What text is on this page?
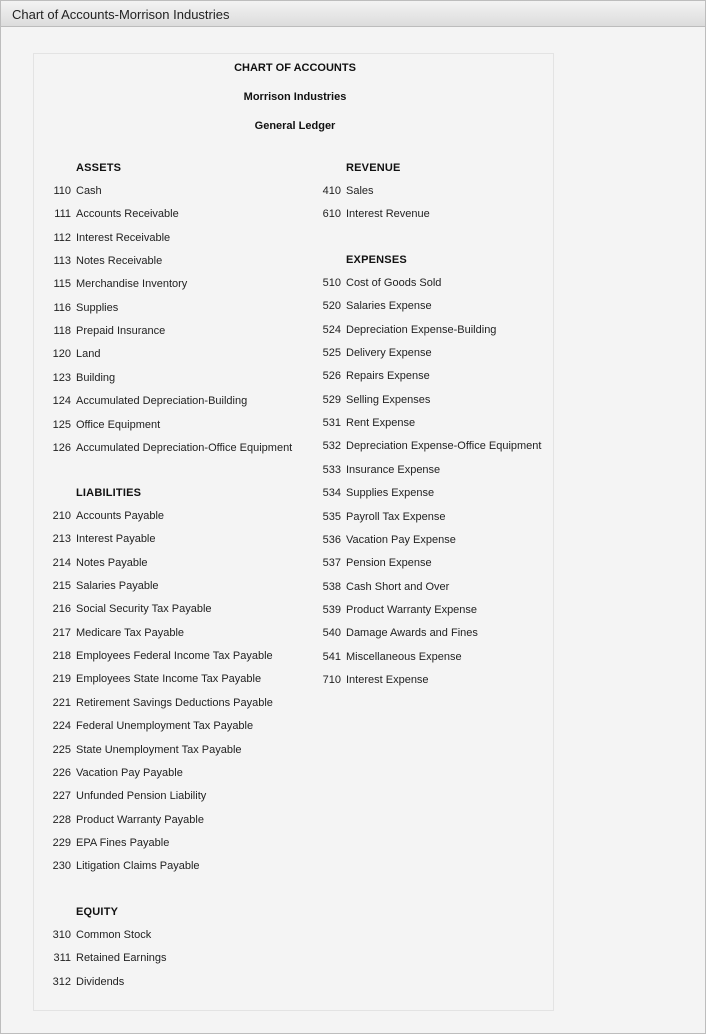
Chart of Accounts-Morrison Industries
CHART OF ACCOUNTS
Morrison Industries
General Ledger
ASSETS
110 Cash
111 Accounts Receivable
112 Interest Receivable
113 Notes Receivable
115 Merchandise Inventory
116 Supplies
118 Prepaid Insurance
120 Land
123 Building
124 Accumulated Depreciation-Building
125 Office Equipment
126 Accumulated Depreciation-Office Equipment
LIABILITIES
210 Accounts Payable
213 Interest Payable
214 Notes Payable
215 Salaries Payable
216 Social Security Tax Payable
217 Medicare Tax Payable
218 Employees Federal Income Tax Payable
219 Employees State Income Tax Payable
221 Retirement Savings Deductions Payable
224 Federal Unemployment Tax Payable
225 State Unemployment Tax Payable
226 Vacation Pay Payable
227 Unfunded Pension Liability
228 Product Warranty Payable
229 EPA Fines Payable
230 Litigation Claims Payable
EQUITY
310 Common Stock
311 Retained Earnings
312 Dividends
REVENUE
410 Sales
610 Interest Revenue
EXPENSES
510 Cost of Goods Sold
520 Salaries Expense
524 Depreciation Expense-Building
525 Delivery Expense
526 Repairs Expense
529 Selling Expenses
531 Rent Expense
532 Depreciation Expense-Office Equipment
533 Insurance Expense
534 Supplies Expense
535 Payroll Tax Expense
536 Vacation Pay Expense
537 Pension Expense
538 Cash Short and Over
539 Product Warranty Expense
540 Damage Awards and Fines
541 Miscellaneous Expense
710 Interest Expense
